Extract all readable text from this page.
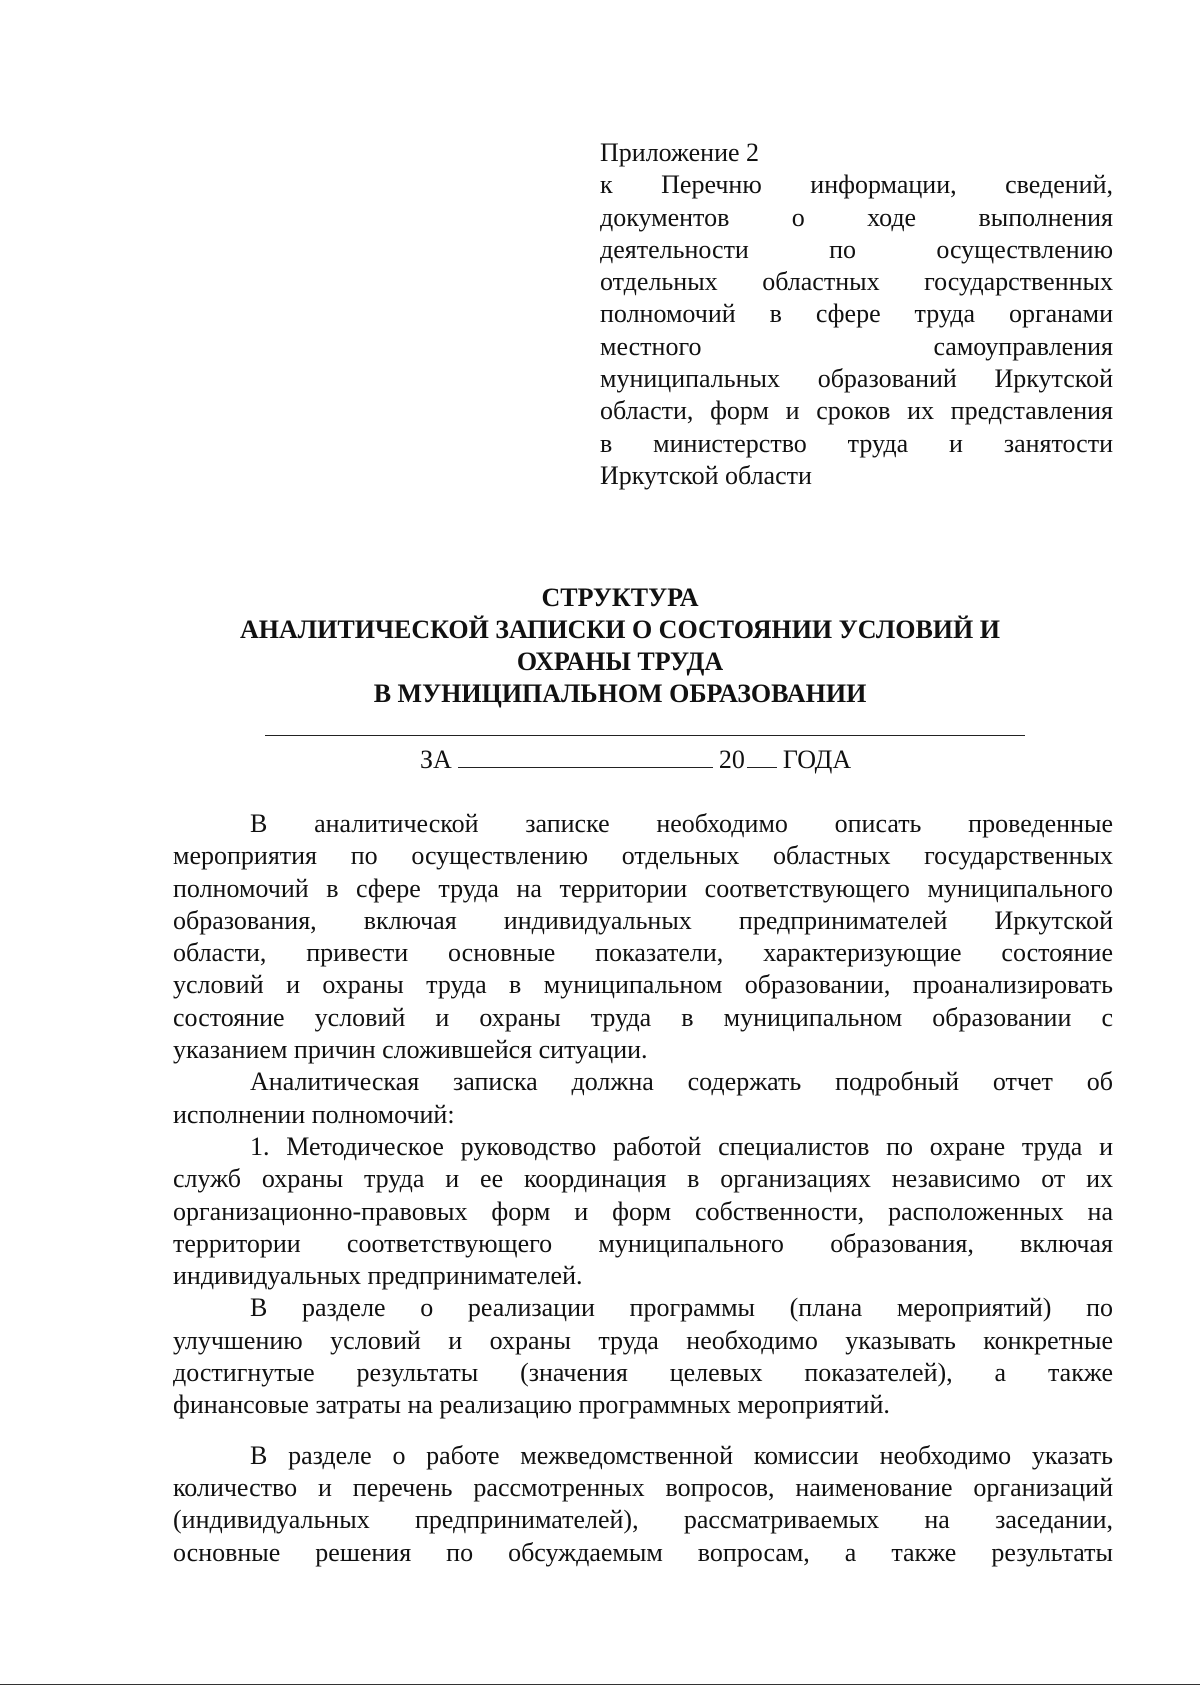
Приложение 2
к Перечню информации, сведений,
документов о ходе выполнения
деятельности по осуществлению
отдельных областных государственных
полномочий в сфере труда органами
местного самоуправления
муниципальных образований Иркутской
области, форм и сроков их представления
в министерство труда и занятости
Иркутской области
СТРУКТУРА
АНАЛИТИЧЕСКОЙ ЗАПИСКИ О СОСТОЯНИИ УСЛОВИЙ И
ОХРАНЫ ТРУДА
В МУНИЦИПАЛЬНОМ ОБРАЗОВАНИИ
ЗА	20 ГОДА
В аналитической записке необходимо описать проведенные
мероприятия по осуществлению отдельных областных государственных
полномочий в сфере труда на территории соответствующего муниципального
образования, включая индивидуальных предпринимателей Иркутской
области, привести основные показатели, характеризующие состояние
условий и охраны труда в муниципальном образовании, проанализировать
состояние условий и охраны труда в муниципальном образовании с
указанием причин сложившейся ситуации.
Аналитическая записка должна содержать подробный отчет об
исполнении полномочий:
1. Методическое руководство работой специалистов по охране труда и
служб охраны труда и ее координация в организациях независимо от их
организационно-правовых форм и форм собственности, расположенных на
территории соответствующего муниципального образования, включая
индивидуальных предпринимателей.
В разделе о реализации программы (плана мероприятий) по
улучшению условий и охраны труда необходимо указывать конкретные
достигнутые результаты (значения целевых показателей), а также
финансовые затраты на реализацию программных мероприятий.
В разделе о работе межведомственной комиссии необходимо указать
количество и перечень рассмотренных вопросов, наименование организаций
(индивидуальных предпринимателей), рассматриваемых на заседании,
основные решения по обсуждаемым вопросам, а также результаты
